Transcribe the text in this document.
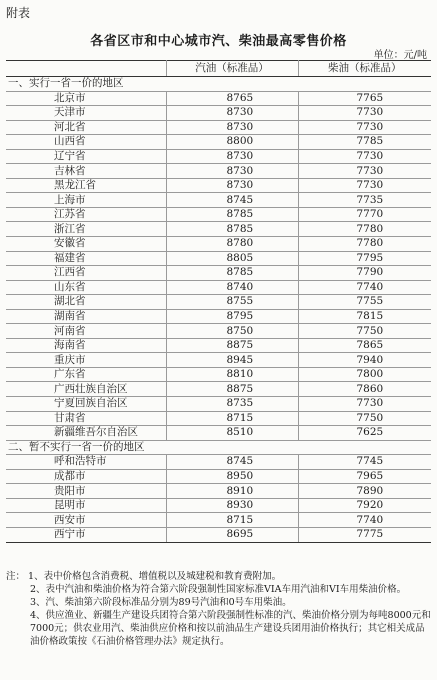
附表
各省区市和中心城市汽、柴油最高零售价格
单位：元/吨
	汽油（标准品）	柴油（标准品）
一、实行一省一价的地区		
北京市	8765	7765
天津市	8730	7730
河北省	8730	7730
山西省	8800	7785
辽宁省	8730	7730
吉林省	8730	7730
黑龙江省	8730	7730
上海市	8745	7735
江苏省	8785	7770
浙江省	8785	7780
安徽省	8780	7780
福建省	8805	7795
江西省	8785	7790
山东省	8740	7740
湖北省	8755	7755
湖南省	8795	7815
河南省	8750	7750
海南省	8875	7865
重庆市	8945	7940
广东省	8810	7800
广西壮族自治区	8875	7860
宁夏回族自治区	8735	7730
甘肃省	8715	7750
新疆维吾尔自治区	8510	7625
二、暂不实行一省一价的地区		
呼和浩特市	8745	7745
成都市	8950	7965
贵阳市	8910	7890
昆明市	8930	7920
西安市	8715	7740
西宁市	8695	7775

注： 1、表中价格包含消费税、增值税以及城建税和教育费附加。

2、表中汽油和柴油价格为符合第六阶段强制性国家标准VIA车用汽油和VI车用柴油价格。

3、汽、柴油第六阶段标准品分别为89号汽油和0号车用柴油。

4、供应渔业、新疆生产建设兵团符合第六阶段强制性标准的汽、柴油价格分别为每吨8000元和7000元；供农业用汽、柴油供应价格和按以前油品生产建设兵团用油价格执行；其它相关成品油价格政策按《石油价格管理办法》规定执行。
